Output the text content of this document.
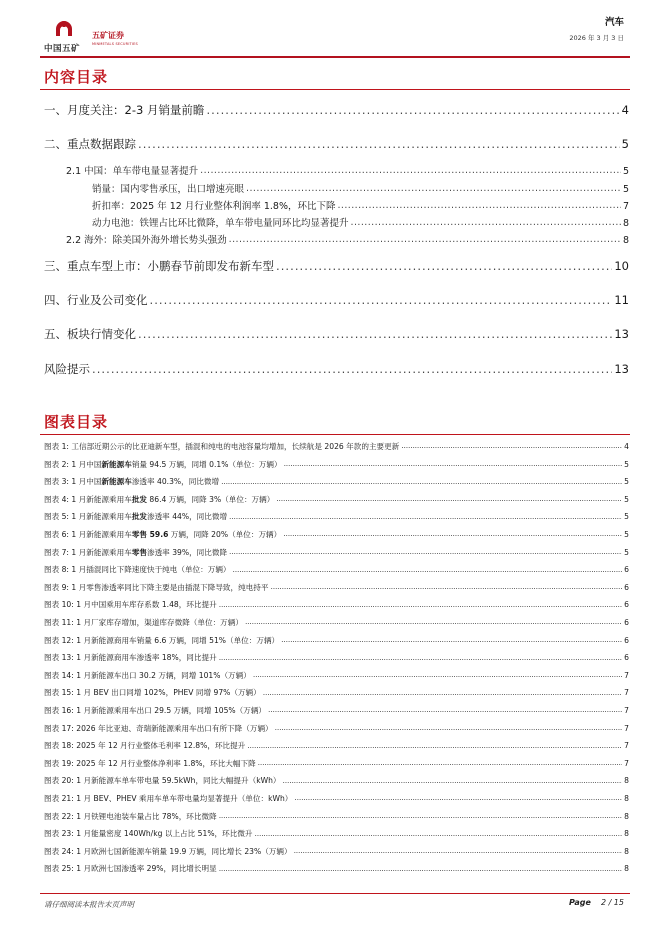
中国五矿
五矿证券
MINMETALS SECURITIES
汽车
2026 年 3 月 3 日
内容目录
一、月度关注：2-3 月销量前瞻 . . .	4
二、重点数据跟踪 . . .	5
2.1 中国：单车带电量显著提升 . . .	5
销量：国内零售承压，出口增速亮眼 . . .	5
折扣率：2025 年 12 月行业整体利润率 1.8%，环比下降 . . .	7
动力电池：铁锂占比环比微降，单车带电量同环比均显著提升 . . .	8
2.2 海外：除美国外海外增长势头强劲 . . .	8
三、重点车型上市：小鹏春节前即发布新车型 . . .	10
四、行业及公司变化 . . .	11
五、板块行情变化 . . .	13
风险提示 . . .	13
图表目录
图表 1: 工信部近期公示的比亚迪新车型，插混和纯电的电池容量均增加，长续航是 2026 年款的主要更新 . . .	4
图表 2: 1 月中国新能源车销量 94.5 万辆，同增 0.1%（单位：万辆） . . .	5
图表 3: 1 月中国新能源车渗透率 40.3%，同比微增 . . .	5
图表 4: 1 月新能源乘用车批发 86.4 万辆，同降 3%（单位：万辆） . . .	5
图表 5: 1 月新能源乘用车批发渗透率 44%，同比微增 . . .	5
图表 6: 1 月新能源乘用车零售 59.6 万辆，同降 20%（单位：万辆） . . .	5
图表 7: 1 月新能源乘用车零售渗透率 39%，同比微降 . . .	5
图表 8: 1 月插混同比下降速度快于纯电（单位：万辆） . . .	6
图表 9: 1 月零售渗透率同比下降主要是由插混下降导致，纯电持平 . . .	6
图表 10: 1 月中国乘用车库存系数 1.48，环比提升 . . .	6
图表 11: 1 月厂家库存增加，渠道库存微降（单位：万辆） . . .	6
图表 12: 1 月新能源商用车销量 6.6 万辆，同增 51%（单位：万辆） . . .	6
图表 13: 1 月新能源商用车渗透率 18%，同比提升 . . .	6
图表 14: 1 月新能源车出口 30.2 万辆，同增 101%（万辆） . . .	7
图表 15: 1 月 BEV 出口同增 102%，PHEV 同增 97%（万辆） . . .	7
图表 16: 1 月新能源乘用车出口 29.5 万辆，同增 105%（万辆） . . .	7
图表 17: 2026 年比亚迪、奇瑞新能源乘用车出口有所下降（万辆） . . .	7
图表 18: 2025 年 12 月行业整体毛利率 12.8%，环比提升 . . .	7
图表 19: 2025 年 12 月行业整体净利率 1.8%，环比大幅下降 . . .	7
图表 20: 1 月新能源车单车带电量 59.5kWh，同比大幅提升（kWh） . . .	8
图表 21: 1 月 BEV、PHEV 乘用车单车带电量均显著提升（单位：kWh） . . .	8
图表 22: 1 月铁锂电池装车量占比 78%，环比微降 . . .	8
图表 23: 1 月能量密度 140Wh/kg 以上占比 51%，环比微升 . . .	8
图表 24: 1 月欧洲七国新能源车销量 19.9 万辆，同比增长 23%（万辆） . . .	8
图表 25: 1 月欧洲七国渗透率 29%，同比增长明显 . . .	8
请仔细阅读本报告末页声明	Page 2 / 15
